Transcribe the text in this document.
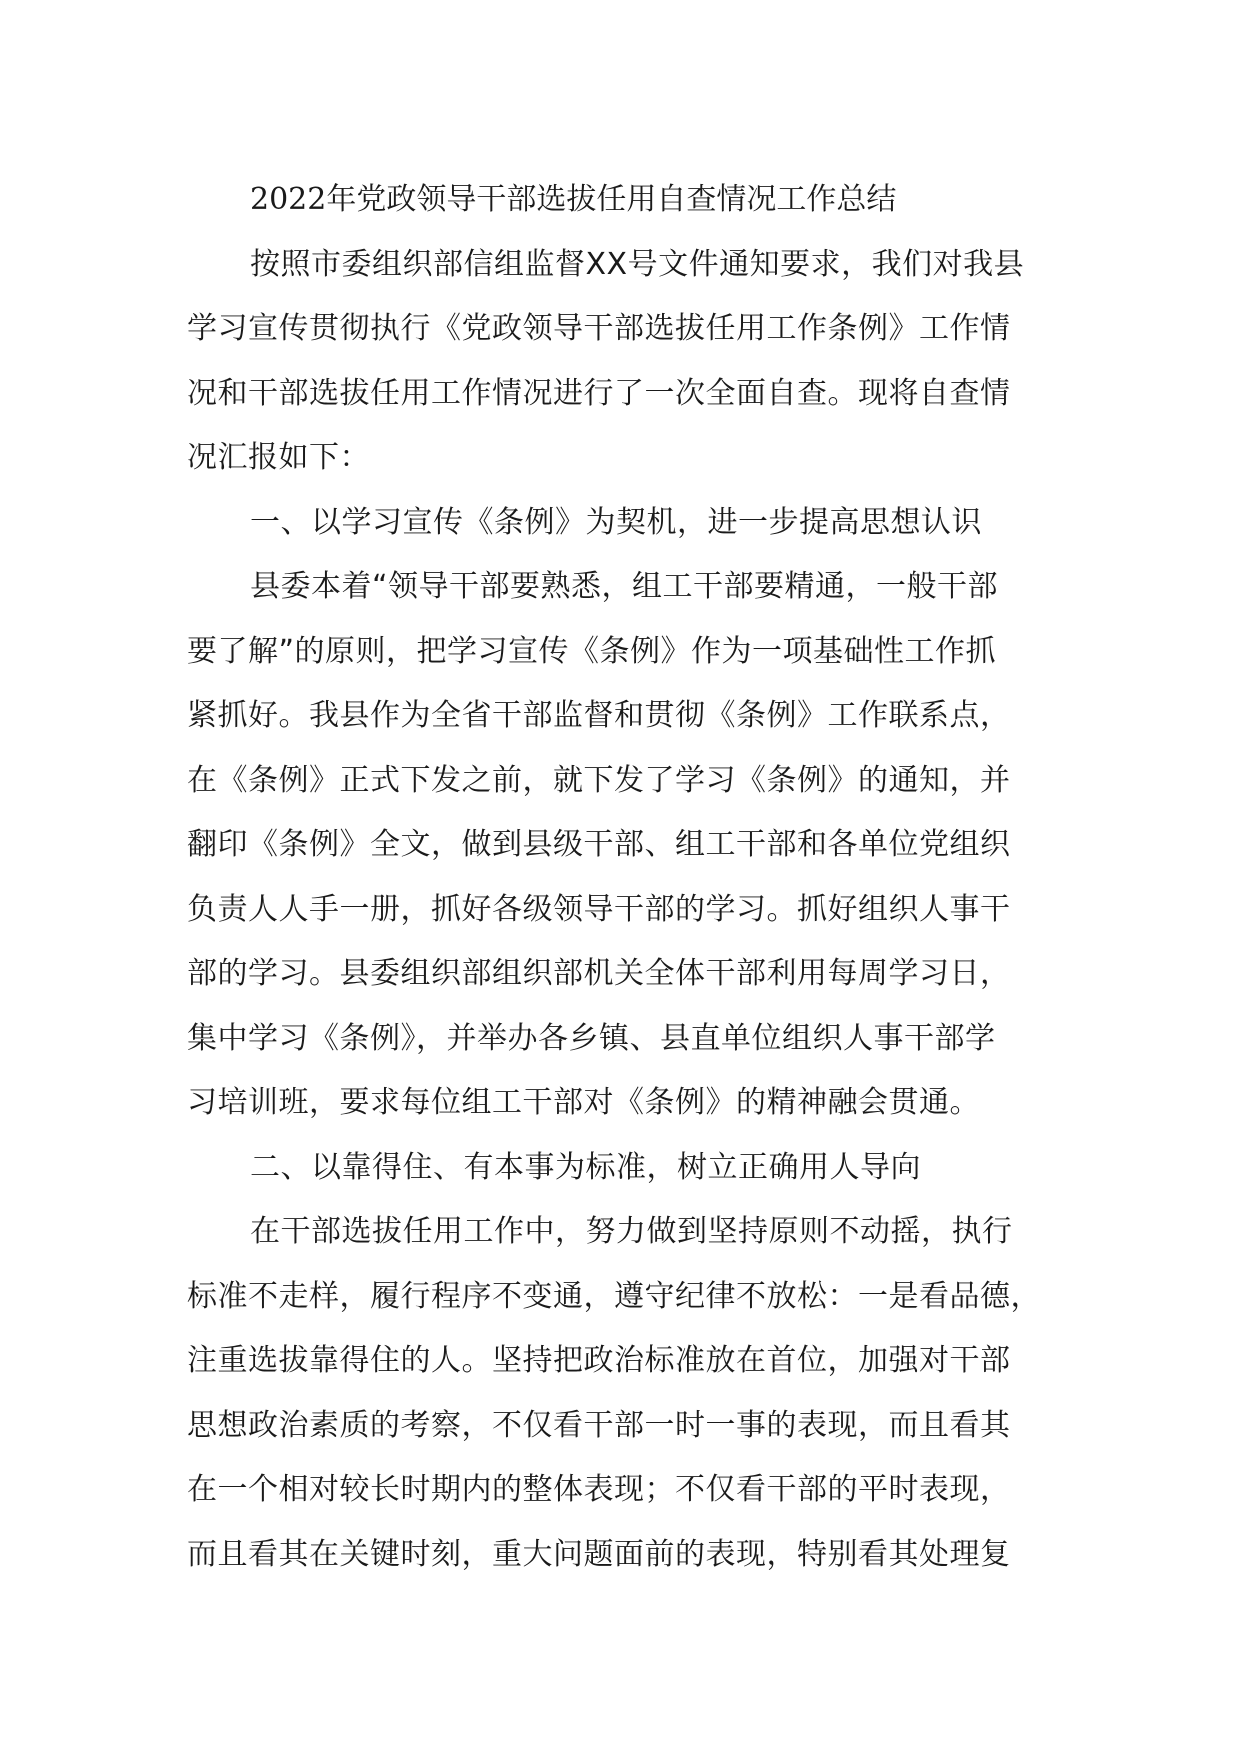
2022年党政领导干部选拔任用自查情况工作总结
按照市委组织部信组监督XX号文件通知要求，我们对我县
学习宣传贯彻执行《党政领导干部选拔任用工作条例》工作情
况和干部选拔任用工作情况进行了一次全面自查。现将自查情
况汇报如下：
一、以学习宣传《条例》为契机，进一步提高思想认识
县委本着“领导干部要熟悉，组工干部要精通，一般干部
要了解”的原则，把学习宣传《条例》作为一项基础性工作抓
紧抓好。我县作为全省干部监督和贯彻《条例》工作联系点，
在《条例》正式下发之前，就下发了学习《条例》的通知，并
翻印《条例》全文，做到县级干部、组工干部和各单位党组织
负责人人手一册，抓好各级领导干部的学习。抓好组织人事干
部的学习。县委组织部组织部机关全体干部利用每周学习日，
集中学习《条例》，并举办各乡镇、县直单位组织人事干部学
习培训班，要求每位组工干部对《条例》的精神融会贯通。
二、以靠得住、有本事为标准，树立正确用人导向
在干部选拔任用工作中，努力做到坚持原则不动摇，执行
标准不走样，履行程序不变通，遵守纪律不放松：一是看品德，
注重选拔靠得住的人。坚持把政治标准放在首位，加强对干部
思想政治素质的考察，不仅看干部一时一事的表现，而且看其
在一个相对较长时期内的整体表现；不仅看干部的平时表现，
而且看其在关键时刻，重大问题面前的表现，特别看其处理复
